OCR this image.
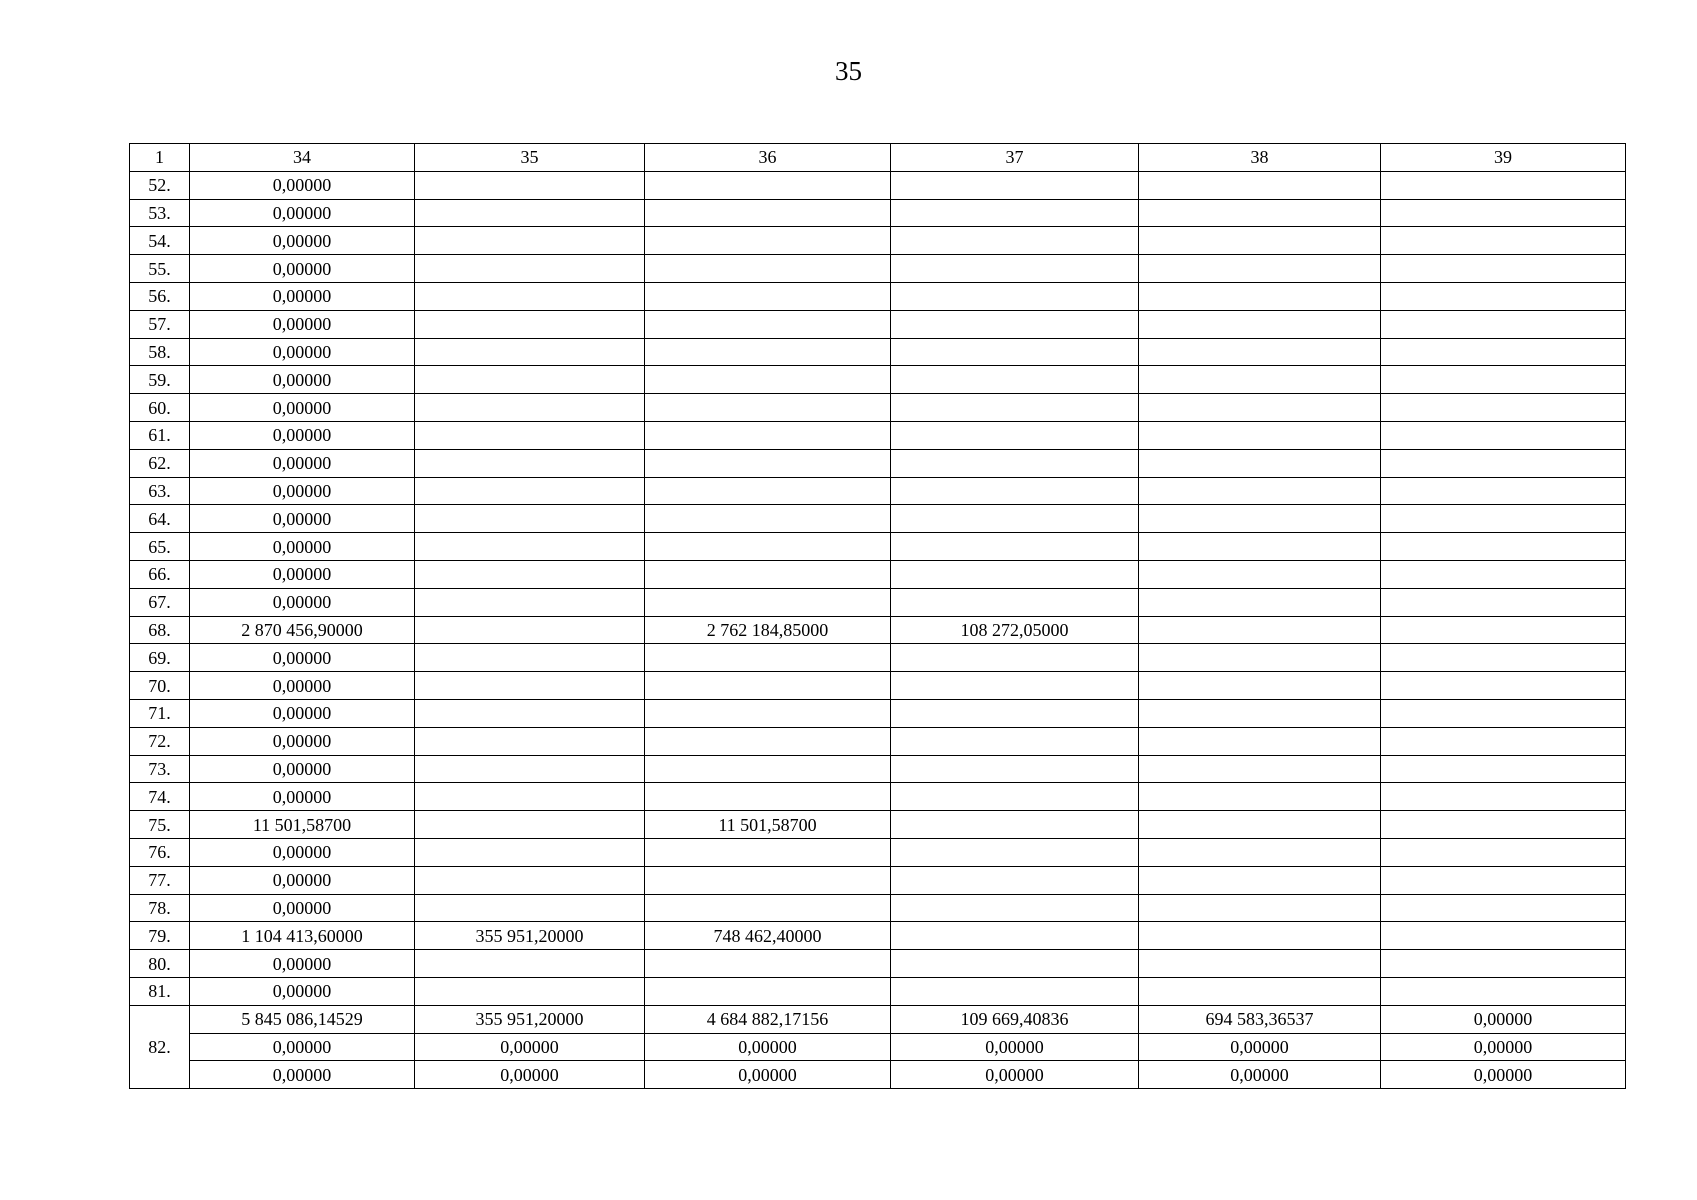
35
1	34	35	36	37	38	39
52.	0,00000					
53.	0,00000					
54.	0,00000					
55.	0,00000					
56.	0,00000					
57.	0,00000					
58.	0,00000					
59.	0,00000					
60.	0,00000					
61.	0,00000					
62.	0,00000					
63.	0,00000					
64.	0,00000					
65.	0,00000					
66.	0,00000					
67.	0,00000					
68.	2 870 456,90000		2 762 184,85000	108 272,05000		
69.	0,00000					
70.	0,00000					
71.	0,00000					
72.	0,00000					
73.	0,00000					
74.	0,00000					
75.	11 501,58700		11 501,58700			
76.	0,00000					
77.	0,00000					
78.	0,00000					
79.	1 104 413,60000	355 951,20000	748 462,40000			
80.	0,00000					
81.	0,00000					
82.	5 845 086,14529	355 951,20000	4 684 882,17156	109 669,40836	694 583,36537	0,00000
	0,00000	0,00000	0,00000	0,00000	0,00000	0,00000
	0,00000	0,00000	0,00000	0,00000	0,00000	0,00000
